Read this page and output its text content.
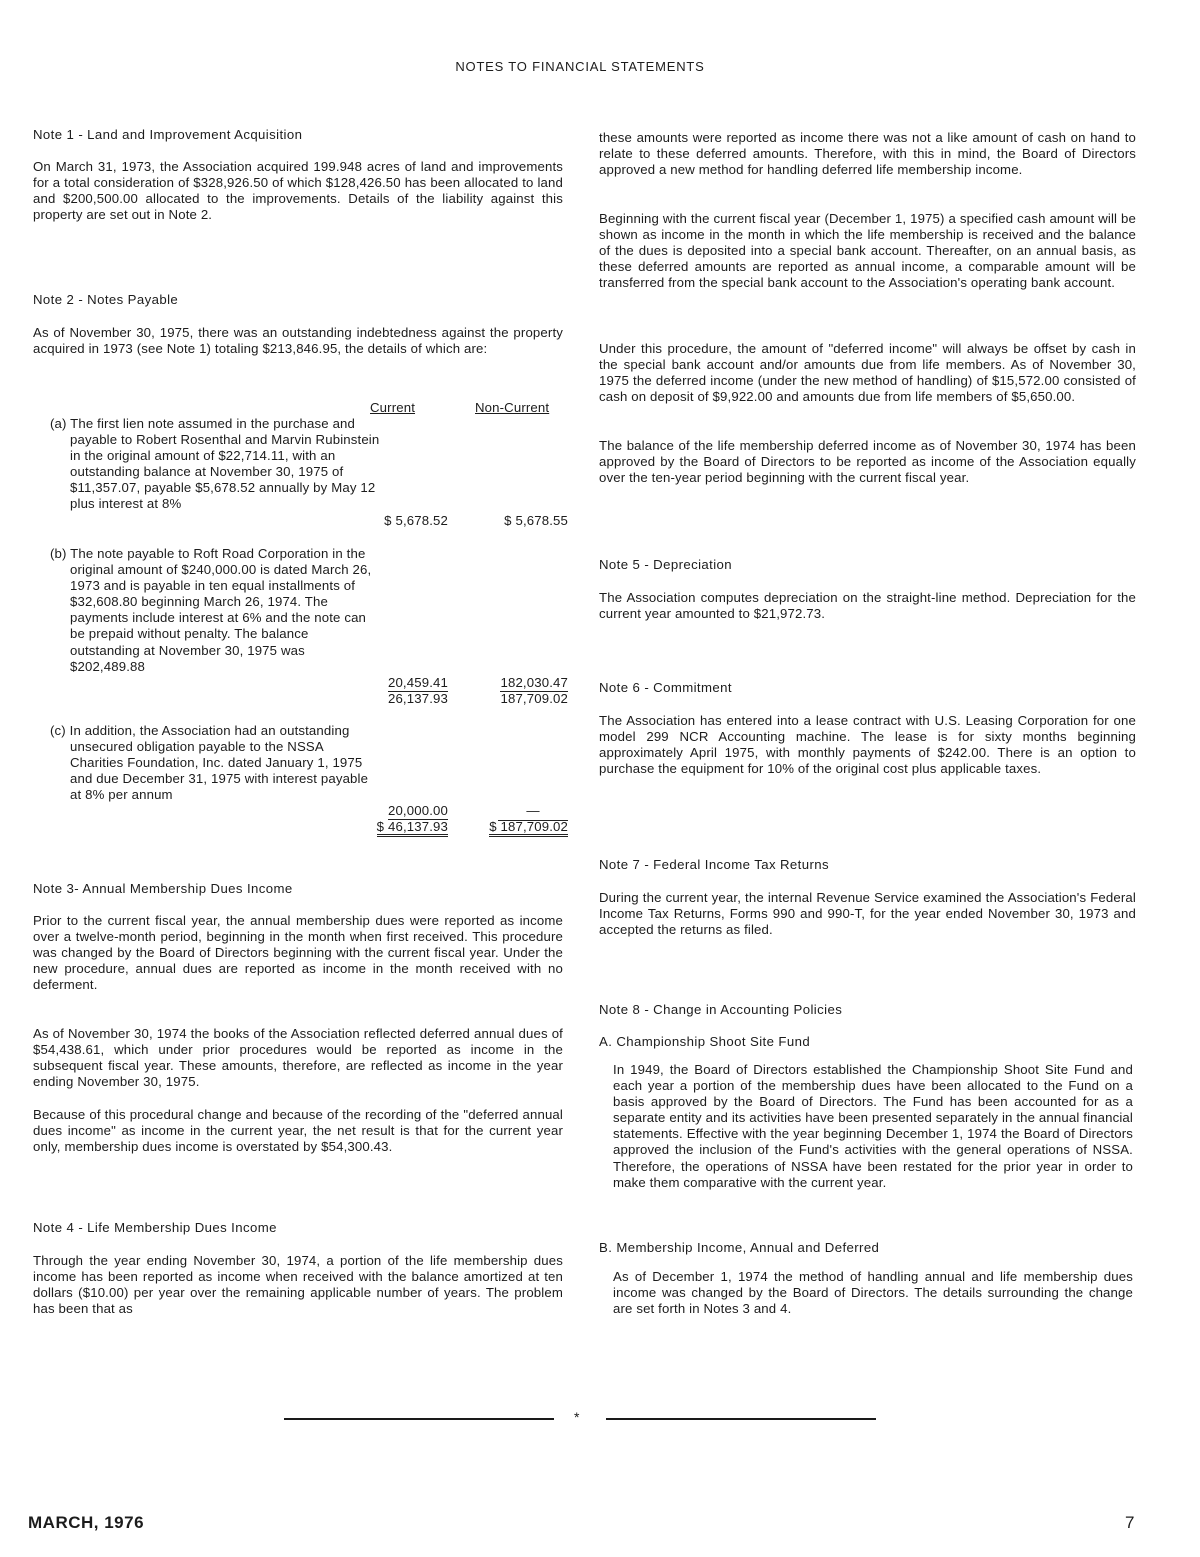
NOTES TO FINANCIAL STATEMENTS
Note 1 - Land and Improvement Acquisition

On March 31, 1973, the Association acquired 199.948 acres of land and improvements for a total consideration of $328,926.50 of which $128,426.50 has been allocated to land and $200,500.00 allocated to the improvements. Details of the liability against this property are set out in Note 2.

Note 2 - Notes Payable

As of November 30, 1975, there was an outstanding indebtedness against the property acquired in 1973 (see Note 1) totaling $213,846.95, the details of which are:

Current	Non-Current

(a) The first lien note assumed in the purchase and payable to Robert Rosenthal and Marvin Rubinstein in the original amount of $22,714.11, with an outstanding balance at November 30, 1975 of $11,357.07, payable $5,678.52 annually by May 12 plus interest at 8%

$ 5,678.52	$ 5,678.55

(b) The note payable to Roft Road Corporation in the original amount of $240,000.00 is dated March 26, 1973 and is payable in ten equal installments of $32,608.80 beginning March 26, 1974. The payments include interest at 6% and the note can be prepaid without penalty. The balance outstanding at November 30, 1975 was $202,489.88

20,459.41	182,030.47
26,137.93	187,709.02

(c) In addition, the Association had an outstanding unsecured obligation payable to the NSSA Charities Foundation, Inc. dated January 1, 1975 and due December 31, 1975 with interest payable at 8% per annum

20,000.00	—
$ 46,137.93	$ 187,709.02
Note 3- Annual Membership Dues Income

Prior to the current fiscal year, the annual membership dues were reported as income over a twelve-month period, beginning in the month when first received. This procedure was changed by the Board of Directors beginning with the current fiscal year. Under the new procedure, annual dues are reported as income in the month received with no deferment.

As of November 30, 1974 the books of the Association reflected deferred annual dues of $54,438.61, which under prior procedures would be reported as income in the subsequent fiscal year. These amounts, therefore, are reflected as income in the year ending November 30, 1975.

Because of this procedural change and because of the recording of the "deferred annual dues income" as income in the current year, the net result is that for the current year only, membership dues income is overstated by $54,300.43.

Note 4 - Life Membership Dues Income

Through the year ending November 30, 1974, a portion of the life membership dues income has been reported as income when received with the balance amortized at ten dollars ($10.00) per year over the remaining applicable number of years. The problem has been that as

these amounts were reported as income there was not a like amount of cash on hand to relate to these deferred amounts. Therefore, with this in mind, the Board of Directors approved a new method for handling deferred life membership income.

Beginning with the current fiscal year (December 1, 1975) a specified cash amount will be shown as income in the month in which the life membership is received and the balance of the dues is deposited into a special bank account. Thereafter, on an annual basis, as these deferred amounts are reported as annual income, a comparable amount will be transferred from the special bank account to the Association's operating bank account.

Under this procedure, the amount of "deferred income" will always be offset by cash in the special bank account and/or amounts due from life members. As of November 30, 1975 the deferred income (under the new method of handling) of $15,572.00 consisted of cash on deposit of $9,922.00 and amounts due from life members of $5,650.00.

The balance of the life membership deferred income as of November 30, 1974 has been approved by the Board of Directors to be reported as income of the Association equally over the ten-year period beginning with the current fiscal year.

Note 5 - Depreciation

The Association computes depreciation on the straight-line method. Depreciation for the current year amounted to $21,972.73.

Note 6 - Commitment

The Association has entered into a lease contract with U.S. Leasing Corporation for one model 299 NCR Accounting machine. The lease is for sixty months beginning approximately April 1975, with monthly payments of $242.00. There is an option to purchase the equipment for 10% of the original cost plus applicable taxes.

Note 7 - Federal Income Tax Returns

During the current year, the internal Revenue Service examined the Association's Federal Income Tax Returns, Forms 990 and 990-T, for the year ended November 30, 1973 and accepted the returns as filed.

Note 8 - Change in Accounting Policies
A. Championship Shoot Site Fund

In 1949, the Board of Directors established the Championship Shoot Site Fund and each year a portion of the membership dues have been allocated to the Fund on a basis approved by the Board of Directors. The Fund has been accounted for as a separate entity and its activities have been presented separately in the annual financial statements. Effective with the year beginning December 1, 1974 the Board of Directors approved the inclusion of the Fund's activities with the general operations of NSSA. Therefore, the operations of NSSA have been restated for the prior year in order to make them comparative with the current year.

B. Membership Income, Annual and Deferred

As of December 1, 1974 the method of handling annual and life membership dues income was changed by the Board of Directors. The details surrounding the change are set forth in Notes 3 and 4.

*
MARCH, 1976	7
